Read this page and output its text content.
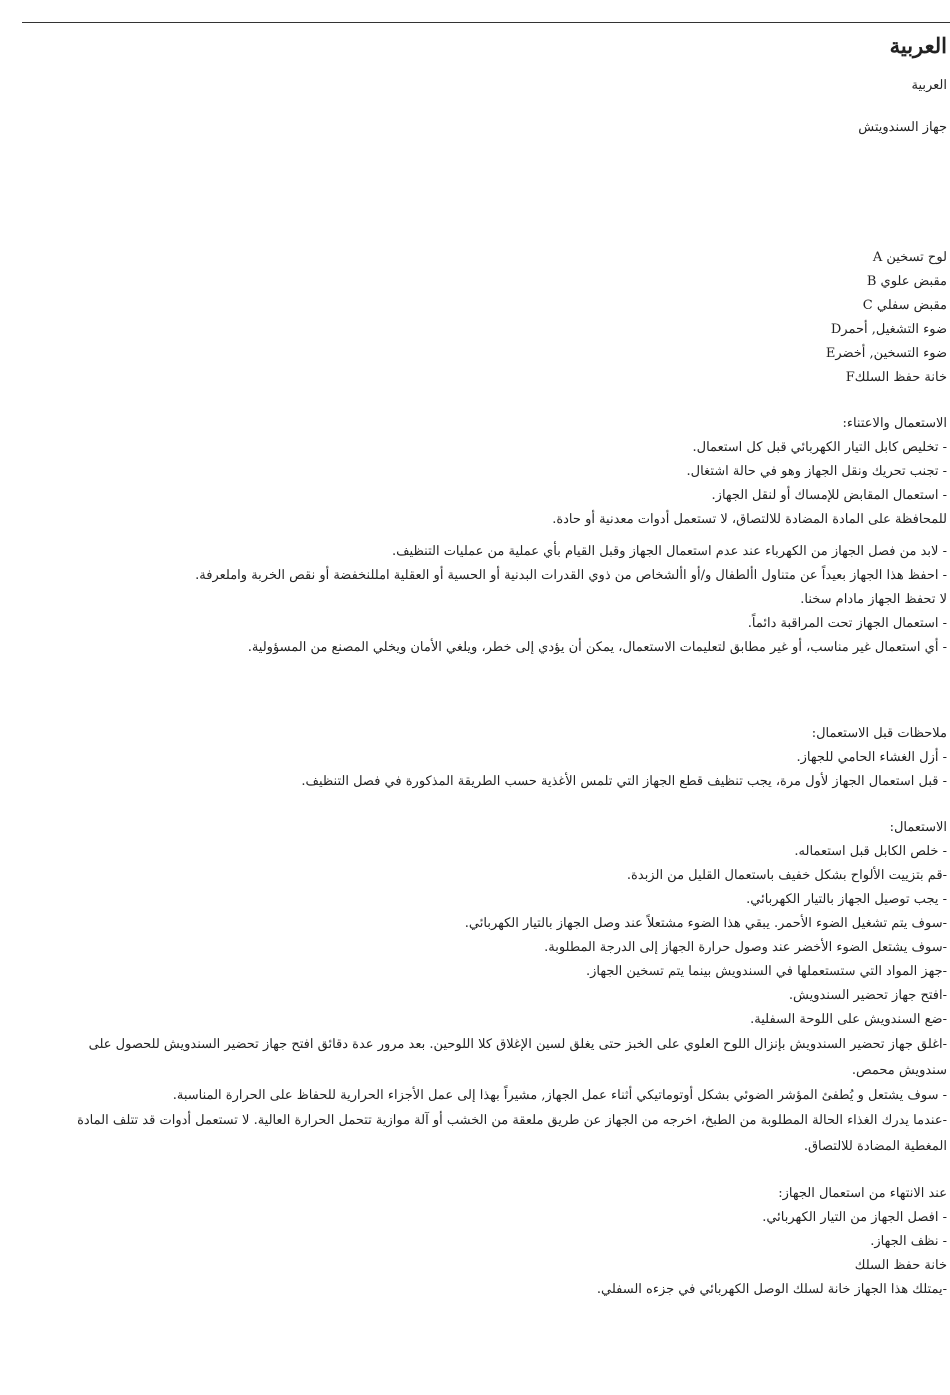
العربية

العربية

جهاز السندويتش

لوح تسخين A

مقبض علوي B

مقبض سفلي C

ضوء التشغيل, أحمرD

ضوء التسخين, أخضرE

خانة حفظ السلكF

الاستعمال والاعتناء:

- تخليص كابل التيار الكهربائي قبل كل استعمال.

- تجنب تحريك ونقل الجهاز وهو في حالة اشتغال.

- استعمال المقابض للإمساك أو لنقل الجهاز.

للمحافظة على المادة المضادة للالتصاق، لا تستعمل أدوات معدنية أو حادة.

- لابد من فصل الجهاز من الكهرباء عند عدم استعمال الجهاز وقبل القيام بأي عملية من عمليات التنظيف.

- احفظ هذا الجهاز بعيداً عن متناول األطفال و/أو األشخاص من ذوي القدرات البدنية أو الحسية أو العقلية امللنخفضة أو نقص الخربة واملعرفة.

لا تحفظ الجهاز مادام سخنا.

- استعمال الجهاز تحت المراقبة دائماً.

- أي استعمال غير مناسب، أو غير مطابق لتعليمات الاستعمال، يمكن أن يؤدي إلى خطر، ويلغي الأمان ويخلي المصنع من المسؤولية.

ملاحظات قبل الاستعمال:

- أزل الغشاء الحامي للجهاز.

- قبل استعمال الجهاز لأول مرة، يجب تنظيف قطع الجهاز التي تلمس الأغذية حسب الطريقة المذكورة في فصل التنظيف.

الاستعمال:

- خلص الكابل قبل استعماله.

-قم بتزييت الألواح بشكل خفيف باستعمال القليل من الزبدة.

- يجب توصيل الجهاز بالتيار الكهربائي.

-سوف يتم تشغيل الضوء الأحمر. يبقي هذا الضوء مشتعلاً عند وصل الجهاز بالتيار الكهربائي.

-سوف يشتعل الضوء الأخضر عند وصول حرارة الجهاز إلى الدرجة المطلوبة.

-جهز المواد التي ستستعملها في السندويش بينما يتم تسخين الجهاز.

-افتح جهاز تحضير السندويش.

-ضع السندويش على اللوحة السفلية.

-اغلق جهاز تحضير السندويش بإنزال اللوح العلوي على الخبز حتى يغلق لسين الإغلاق كلا اللوحين. بعد مرور عدة دقائق افتح جهاز تحضير السندويش للحصول على سندويش محمص.

- سوف يشتعل و يُطفئ المؤشر الضوئي بشكل أوتوماتيكي أثناء عمل الجهاز, مشيراً بهذا إلى عمل الأجزاء الحرارية للحفاظ على الحرارة المناسبة.

-عندما يدرك الغذاء الحالة المطلوبة من الطبخ، اخرجه من الجهاز عن طريق ملعقة من الخشب أو آلة موازية تتحمل الحرارة العالية. لا تستعمل أدوات قد تتلف المادة المغطية المضادة للالتصاق.

عند الانتهاء من استعمال الجهاز:

- افصل الجهاز من التيار الكهربائي.

- نظف الجهاز.

خانة حفظ السلك

-يمتلك هذا الجهاز خانة لسلك الوصل الكهربائي في جزءه السفلي.
